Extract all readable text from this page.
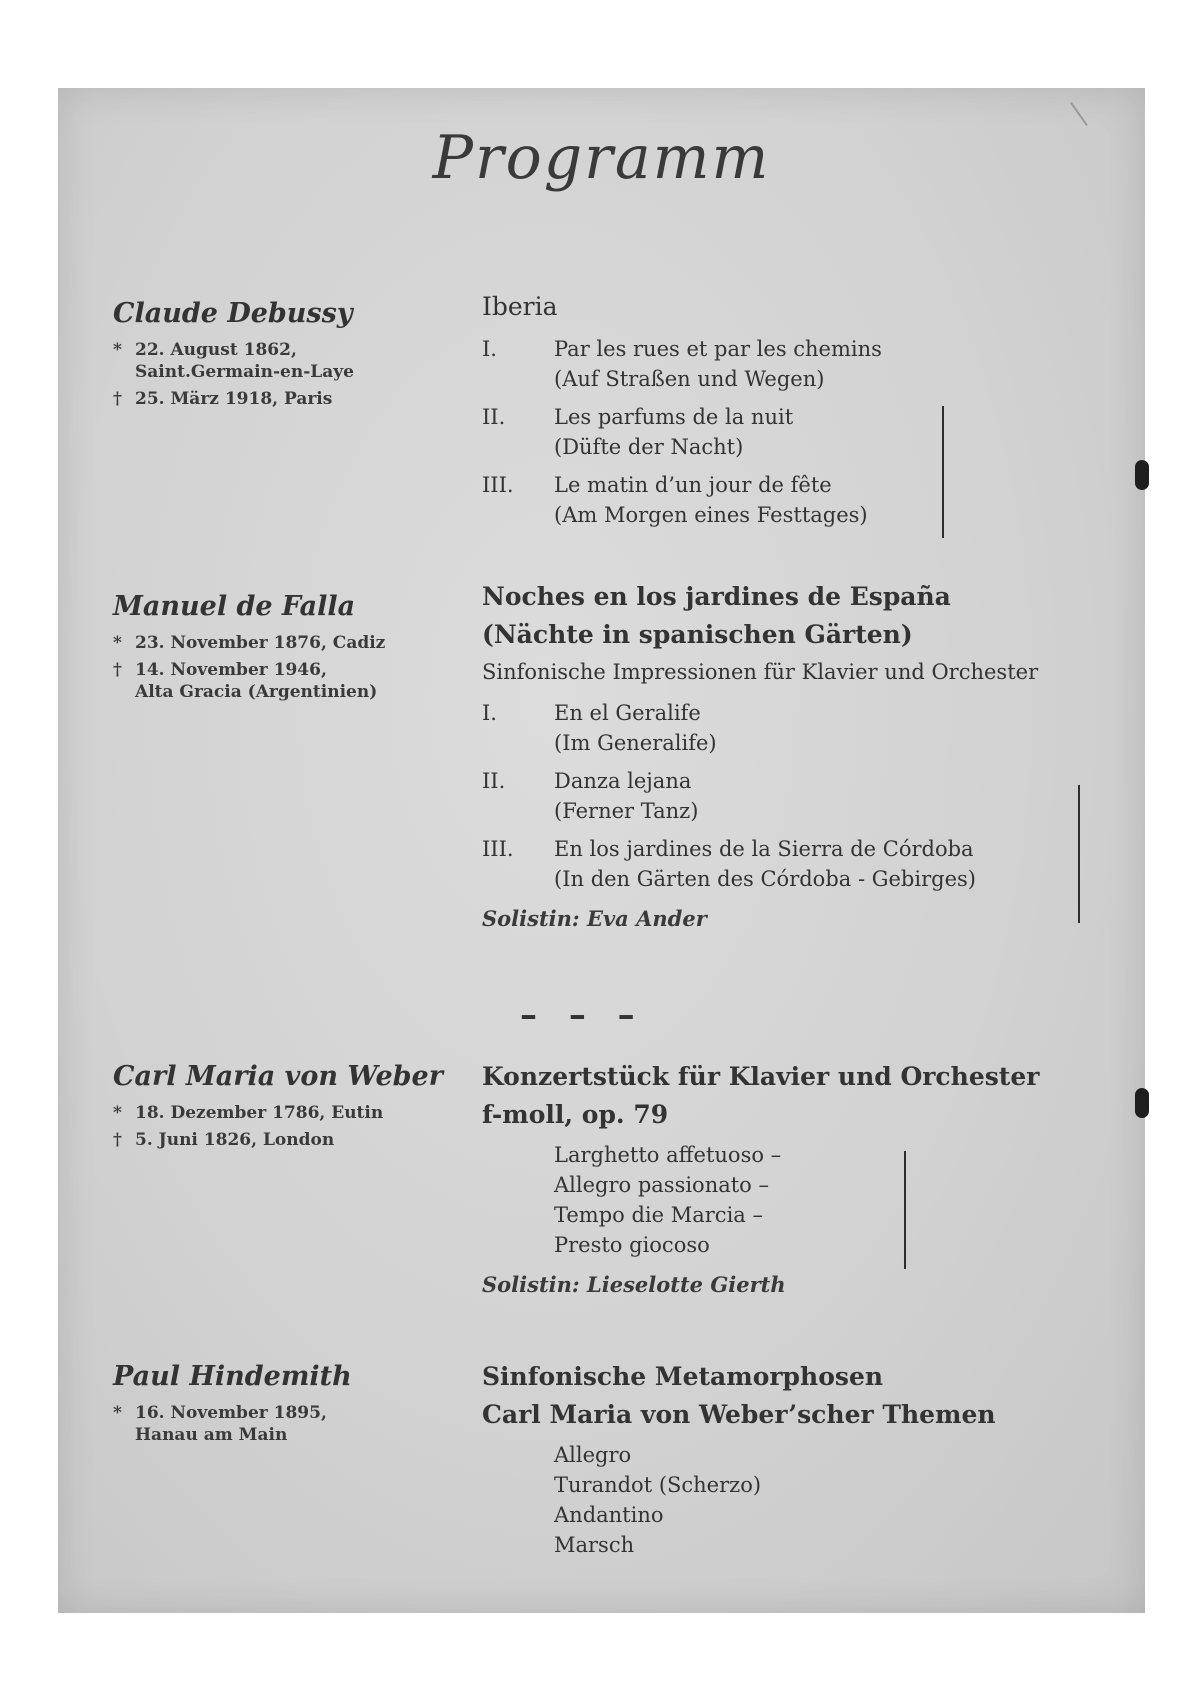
Programm
Claude Debussy
* 22. August 1862,
Saint.Germain-en-Laye
† 25. März 1918, Paris
Iberia
I.	Par les rues et par les chemins
(Auf Straßen und Wegen)
II.	Les parfums de la nuit
(Düfte der Nacht)
III.	Le matin d’un jour de fête
(Am Morgen eines Festtages)
Manuel de Falla
* 23. November 1876, Cadiz
† 14. November 1946,
Alta Gracia (Argentinien)
Noches en los jardines de España
(Nächte in spanischen Gärten)
Sinfonische Impressionen für Klavier und Orchester
I.	En el Geralife
(Im Generalife)
II.	Danza lejana
(Ferner Tanz)
III.	En los jardines de la Sierra de Córdoba
(In den Gärten des Córdoba - Gebirges)
Solistin: Eva Ander
– – –
Carl Maria von Weber
* 18. Dezember 1786, Eutin
† 5. Juni 1826, London
Konzertstück für Klavier und Orchester
f-moll, op. 79
Larghetto affetuoso –
Allegro passionato –
Tempo die Marcia –
Presto giocoso
Solistin: Lieselotte Gierth
Paul Hindemith
* 16. November 1895,
Hanau am Main
Sinfonische Metamorphosen
Carl Maria von Weber’scher Themen
Allegro
Turandot (Scherzo)
Andantino
Marsch
